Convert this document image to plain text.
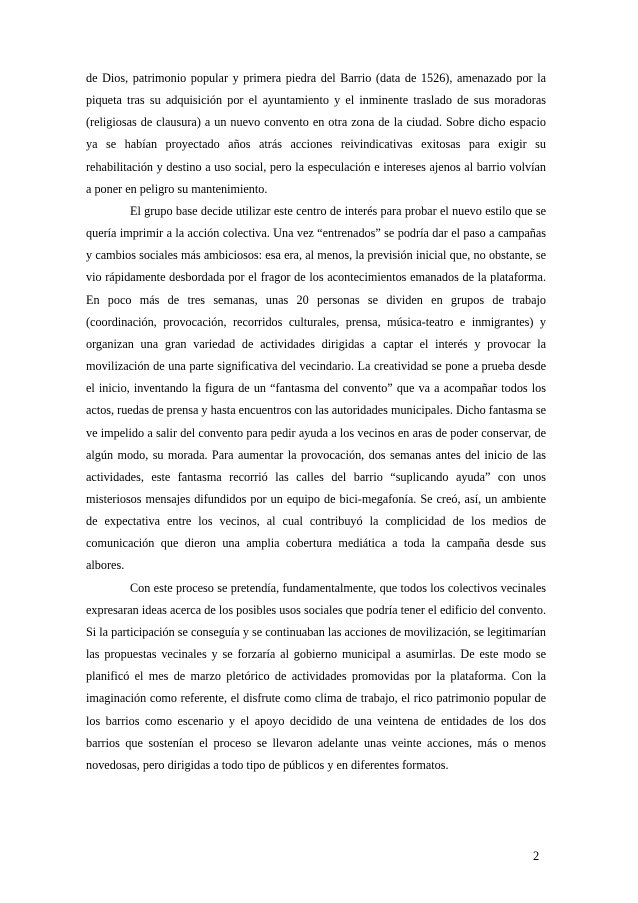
de Dios, patrimonio popular y primera piedra del Barrio (data de 1526), amenazado por la piqueta tras su adquisición por el ayuntamiento y el inminente traslado de sus moradoras (religiosas de clausura) a un nuevo convento en otra zona de la ciudad. Sobre dicho espacio ya se habían proyectado años atrás acciones reivindicativas exitosas para exigir su rehabilitación y destino a uso social, pero la especulación e intereses ajenos al barrio volvían a poner en peligro su mantenimiento.

El grupo base decide utilizar este centro de interés para probar el nuevo estilo que se quería imprimir a la acción colectiva. Una vez “entrenados” se podría dar el paso a campañas y cambios sociales más ambiciosos: esa era, al menos, la previsión inicial que, no obstante, se vio rápidamente desbordada por el fragor de los acontecimientos emanados de la plataforma. En poco más de tres semanas, unas 20 personas se dividen en grupos de trabajo (coordinación, provocación, recorridos culturales, prensa, música-teatro e inmigrantes) y organizan una gran variedad de actividades dirigidas a captar el interés y provocar la movilización de una parte significativa del vecindario. La creatividad se pone a prueba desde el inicio, inventando la figura de un “fantasma del convento” que va a acompañar todos los actos, ruedas de prensa y hasta encuentros con las autoridades municipales. Dicho fantasma se ve impelido a salir del convento para pedir ayuda a los vecinos en aras de poder conservar, de algún modo, su morada. Para aumentar la provocación, dos semanas antes del inicio de las actividades, este fantasma recorrió las calles del barrio “suplicando ayuda” con unos misteriosos mensajes difundidos por un equipo de bici-megafonía. Se creó, así, un ambiente de expectativa entre los vecinos, al cual contribuyó la complicidad de los medios de comunicación que dieron una amplia cobertura mediática a toda la campaña desde sus albores.

Con este proceso se pretendía, fundamentalmente, que todos los colectivos vecinales expresaran ideas acerca de los posibles usos sociales que podría tener el edificio del convento. Si la participación se conseguía y se continuaban las acciones de movilización, se legitimarían las propuestas vecinales y se forzaría al gobierno municipal a asumirlas. De este modo se planificó el mes de marzo pletórico de actividades promovidas por la plataforma. Con la imaginación como referente, el disfrute como clima de trabajo, el rico patrimonio popular de los barrios como escenario y el apoyo decidido de una veintena de entidades de los dos barrios que sostenían el proceso se llevaron adelante unas veinte acciones, más o menos novedosas, pero dirigidas a todo tipo de públicos y en diferentes formatos.

2
